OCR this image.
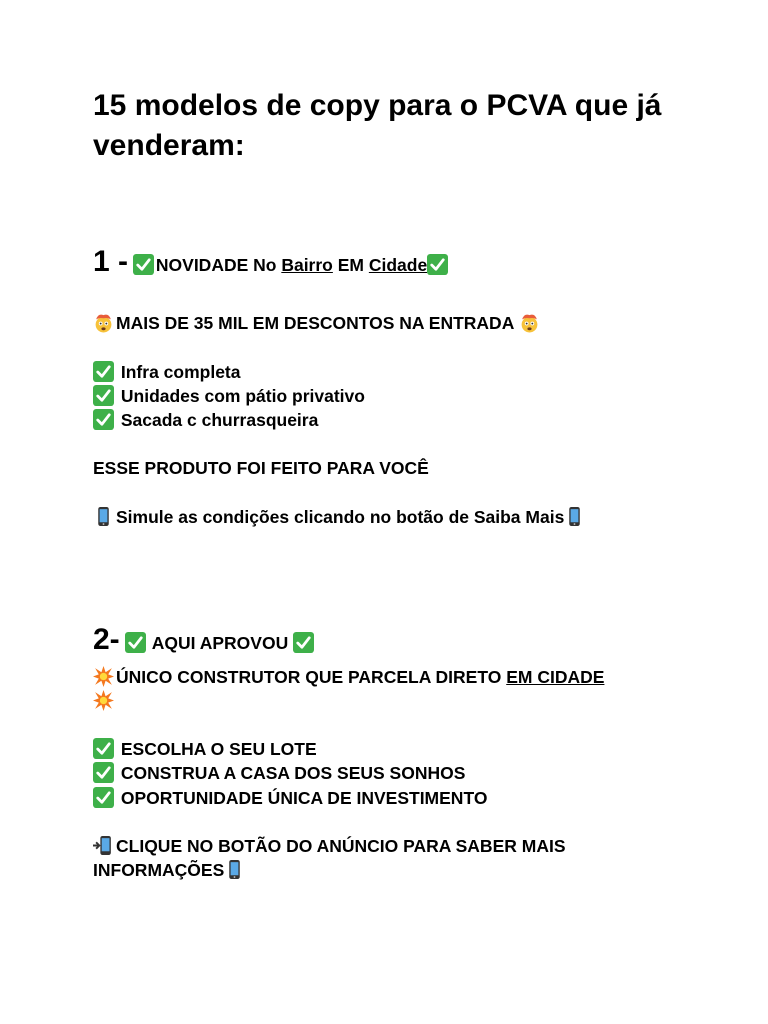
15 modelos de copy para o PCVA que já venderam:
1 - NOVIDADE No Bairro EM Cidade
MAIS DE 35 MIL EM DESCONTOS NA ENTRADA
Infra completa
Unidades com pátio privativo
Sacada c churrasqueira
ESSE PRODUTO FOI FEITO PARA VOCÊ
Simule as condições clicando no botão de Saiba Mais
2-
AQUI APROVOU
ÚNICO CONSTRUTOR QUE PARCELA DIRETO EM CIDADE
ESCOLHA O SEU LOTE
CONSTRUA A CASA DOS SEUS SONHOS
OPORTUNIDADE ÚNICA DE INVESTIMENTO
CLIQUE NO BOTÃO DO ANÚNCIO PARA SABER MAIS INFORMAÇÕES
